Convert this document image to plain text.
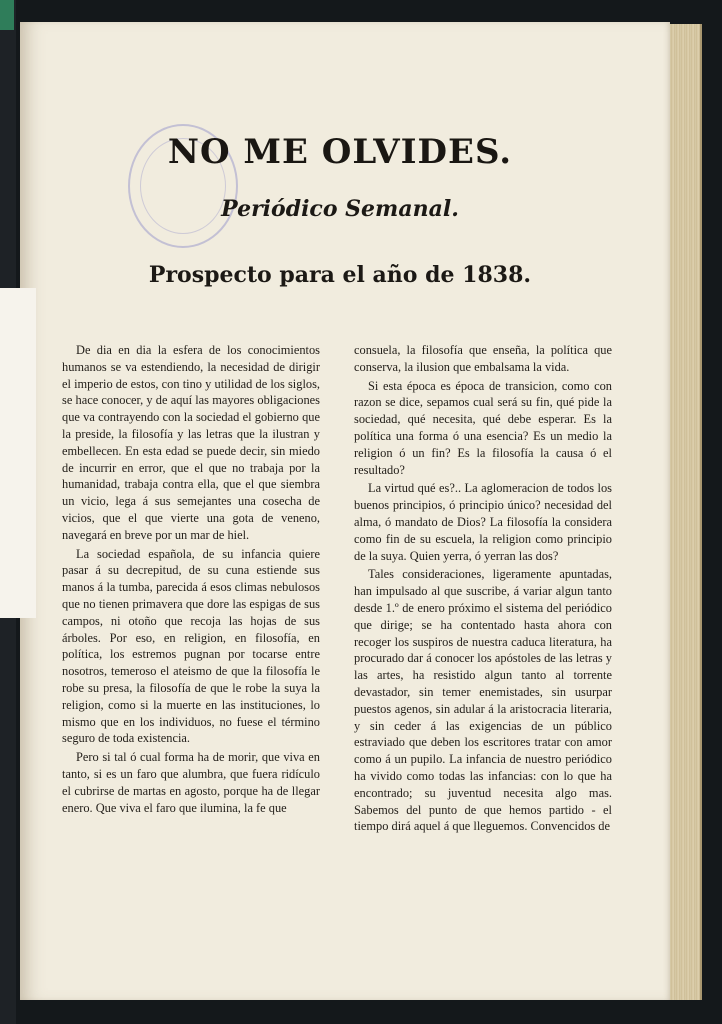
NO ME OLVIDES.
Periódico Semanal.
Prospecto para el año de 1838.

De dia en dia la esfera de los conocimientos humanos se va estendiendo, la necesidad de dirigir el imperio de estos, con tino y utilidad de los siglos, se hace conocer, y de aquí las mayores obligaciones que va contrayendo con la sociedad el gobierno que la preside, la filosofía y las letras que la ilustran y embellecen. En esta edad se puede decir, sin miedo de incurrir en error, que el que no trabaja por la humanidad, trabaja contra ella, que el que siembra un vicio, lega á sus semejantes una cosecha de vicios, que el que vierte una gota de veneno, navegará en breve por un mar de hiel.

La sociedad española, de su infancia quiere pasar á su decrepitud, de su cuna estiende sus manos á la tumba, parecida á esos climas nebulosos que no tienen primavera que dore las espigas de sus campos, ni otoño que recoja las hojas de sus árboles. Por eso, en religion, en filosofía, en política, los estremos pugnan por tocarse entre nosotros, temeroso el ateismo de que la filosofía le robe su presa, la filosofía de que le robe la suya la religion, como si la muerte en las instituciones, lo mismo que en los individuos, no fuese el término seguro de toda existencia.

Pero si tal ó cual forma ha de morir, que viva en tanto, si es un faro que alumbra, que fuera ridículo el cubrirse de martas en agosto, porque ha de llegar enero. Que viva el faro que ilumina, la fe que

consuela, la filosofía que enseña, la política que conserva, la ilusion que embalsama la vida.

Si esta época es época de transicion, como con razon se dice, sepamos cual será su fin, qué pide la sociedad, qué necesita, qué debe esperar. Es la política una forma ó una esencia? Es un medio la religion ó un fin? Es la filosofía la causa ó el resultado?

La virtud qué es?.. La aglomeracion de todos los buenos principios, ó principio único? necesidad del alma, ó mandato de Dios? La filosofía la considera como fin de su escuela, la religion como principio de la suya. Quien yerra, ó yerran las dos?

Tales consideraciones, ligeramente apuntadas, han impulsado al que suscribe, á variar algun tanto desde 1.º de enero próximo el sistema del periódico que dirige; se ha contentado hasta ahora con recoger los suspiros de nuestra caduca literatura, ha procurado dar á conocer los apóstoles de las letras y las artes, ha resistido algun tanto al torrente devastador, sin temer enemistades, sin usurpar puestos agenos, sin adular á la aristocracia literaria, y sin ceder á las exigencias de un público estraviado que deben los escritores tratar con amor como á un pupilo. La infancia de nuestro periódico ha vivido como todas las infancias: con lo que ha encontrado; su juventud necesita algo mas. Sabemos del punto de que hemos partido - el tiempo dirá aquel á que lleguemos. Convencidos de
